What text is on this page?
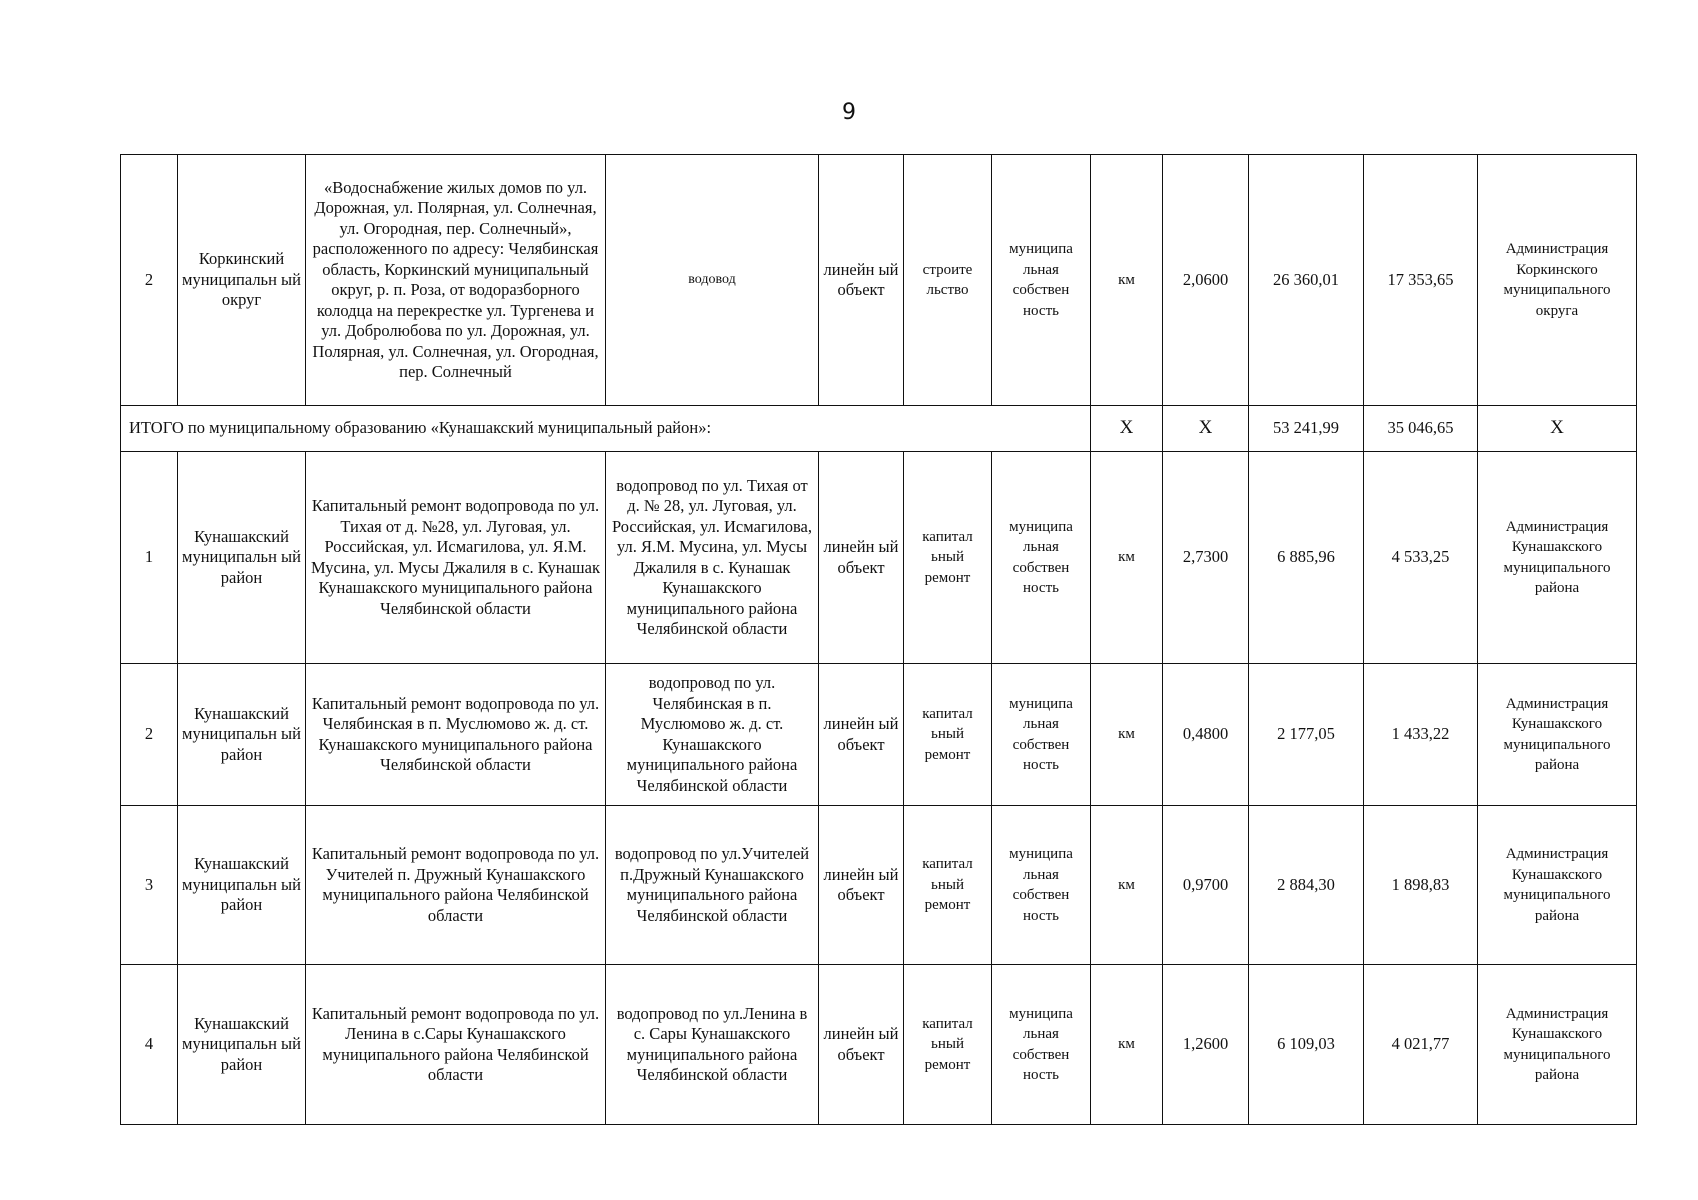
9
2	Коркинский муниципальн ый округ	«Водоснабжение жилых домов по ул. Дорожная, ул. Полярная, ул. Солнечная, ул. Огородная, пер. Солнечный», расположенного по адресу: Челябинская область, Коркинский муниципальный округ, р. п. Роза, от водоразборного колодца на перекрестке ул. Тургенева и ул. Добролюбова по ул. Дорожная, ул. Полярная, ул. Солнечная, ул. Огородная, пер. Солнечный	водовод	линейн ый объект	строите льство	муниципа льная собствен ность	км	2,0600	26 360,01	17 353,65	Администрация Коркинского муниципального округа
ИТОГО по муниципальному образованию «Кунашакский муниципальный район»:							Х	Х	53 241,99	35 046,65	Х
1	Кунашакский муниципальн ый район	Капитальный ремонт водопровода по ул. Тихая от д. №28, ул. Луговая, ул. Российская, ул. Исмагилова, ул. Я.М. Мусина, ул. Мусы Джалиля в с. Кунашак Кунашакского муниципального района Челябинской области	водопровод по ул. Тихая от д. № 28, ул. Луговая, ул. Российская, ул. Исмагилова, ул. Я.М. Мусина, ул. Мусы Джалиля в с. Кунашак Кунашакского муниципального района Челябинской области	линейн ый объект	капитал ьный ремонт	муниципа льная собствен ность	км	2,7300	6 885,96	4 533,25	Администрация Кунашакского муниципального района
2	Кунашакский муниципальн ый район	Капитальный ремонт водопровода по ул. Челябинская в п. Муслюмово ж. д. ст. Кунашакского муниципального района Челябинской области	водопровод по ул. Челябинская в п. Муслюмово ж. д. ст. Кунашакского муниципального района Челябинской области	линейн ый объект	капитал ьный ремонт	муниципа льная собствен ность	км	0,4800	2 177,05	1 433,22	Администрация Кунашакского муниципального района
3	Кунашакский муниципальн ый район	Капитальный ремонт водопровода по ул. Учителей п. Дружный Кунашакского муниципального района Челябинской области	водопровод по ул.Учителей п.Дружный Кунашакского муниципального района Челябинской области	линейн ый объект	капитал ьный ремонт	муниципа льная собствен ность	км	0,9700	2 884,30	1 898,83	Администрация Кунашакского муниципального района
4	Кунашакский муниципальн ый район	Капитальный ремонт водопровода по ул. Ленина в с.Сары Кунашакского муниципального района Челябинской области	водопровод по ул.Ленина в с. Сары Кунашакского муниципального района Челябинской области	линейн ый объект	капитал ьный ремонт	муниципа льная собствен ность	км	1,2600	6 109,03	4 021,77	Администрация Кунашакского муниципального района
